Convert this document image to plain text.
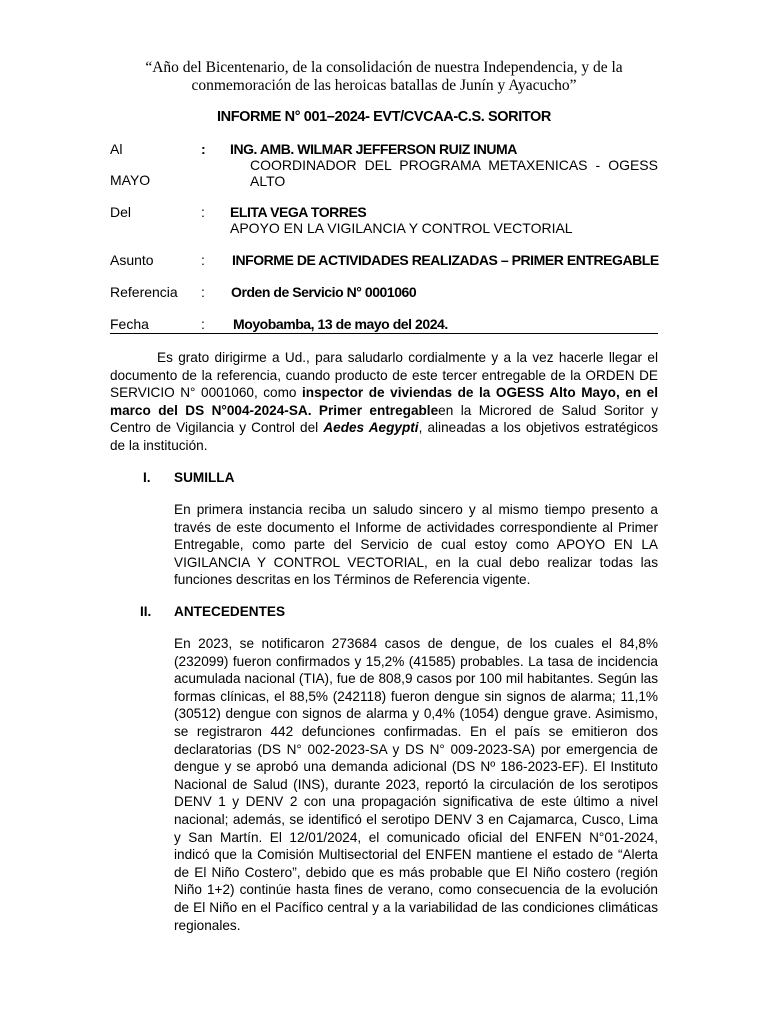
“Año del Bicentenario, de la consolidación de nuestra Independencia, y de la conmemoración de las heroicas batallas de Junín y Ayacucho”
INFORME N° 001–2024- EVT/CVCAA-C.S. SORITOR
Al	: ING. AMB. WILMAR JEFFERSON RUIZ INUMA
COORDINADOR DEL PROGRAMA METAXENICAS - OGESS ALTO
MAYO
Del	: ELITA VEGA TORRES
APOYO EN LA VIGILANCIA Y CONTROL VECTORIAL
Asunto	: INFORME DE ACTIVIDADES REALIZADAS – PRIMER ENTREGABLE
Referencia : Orden de Servicio N° 0001060
Fecha	: Moyobamba, 13 de mayo del 2024.
Es grato dirigirme a Ud., para saludarlo cordialmente y a la vez hacerle llegar el documento de la referencia, cuando producto de este tercer entregable de la ORDEN DE SERVICIO N° 0001060, como inspector de viviendas de la OGESS Alto Mayo, en el marco del DS N°004-2024-SA. Primer entregableen la Microred de Salud Soritor y Centro de Vigilancia y Control del Aedes Aegypti, alineadas a los objetivos estratégicos de la institución.
I. SUMILLA
En primera instancia reciba un saludo sincero y al mismo tiempo presento a través de este documento el Informe de actividades correspondiente al Primer Entregable, como parte del Servicio de cual estoy como APOYO EN LA VIGILANCIA Y CONTROL VECTORIAL, en la cual debo realizar todas las funciones descritas en los Términos de Referencia vigente.
II. ANTECEDENTES
En 2023, se notificaron 273684 casos de dengue, de los cuales el 84,8% (232099) fueron confirmados y 15,2% (41585) probables. La tasa de incidencia acumulada nacional (TIA), fue de 808,9 casos por 100 mil habitantes. Según las formas clínicas, el 88,5% (242118) fueron dengue sin signos de alarma; 11,1% (30512) dengue con signos de alarma y 0,4% (1054) dengue grave. Asimismo, se registraron 442 defunciones confirmadas. En el país se emitieron dos declaratorias (DS N° 002-2023-SA y DS N° 009-2023-SA) por emergencia de dengue y se aprobó una demanda adicional (DS Nº 186-2023-EF). El Instituto Nacional de Salud (INS), durante 2023, reportó la circulación de los serotipos DENV 1 y DENV 2 con una propagación significativa de este último a nivel nacional; además, se identificó el serotipo DENV 3 en Cajamarca, Cusco, Lima y San Martín. El 12/01/2024, el comunicado oficial del ENFEN N°01-2024, indicó que la Comisión Multisectorial del ENFEN mantiene el estado de “Alerta de El Niño Costero”, debido que es más probable que El Niño costero (región Niño 1+2) continúe hasta fines de verano, como consecuencia de la evolución de El Niño en el Pacífico central y a la variabilidad de las condiciones climáticas regionales.
